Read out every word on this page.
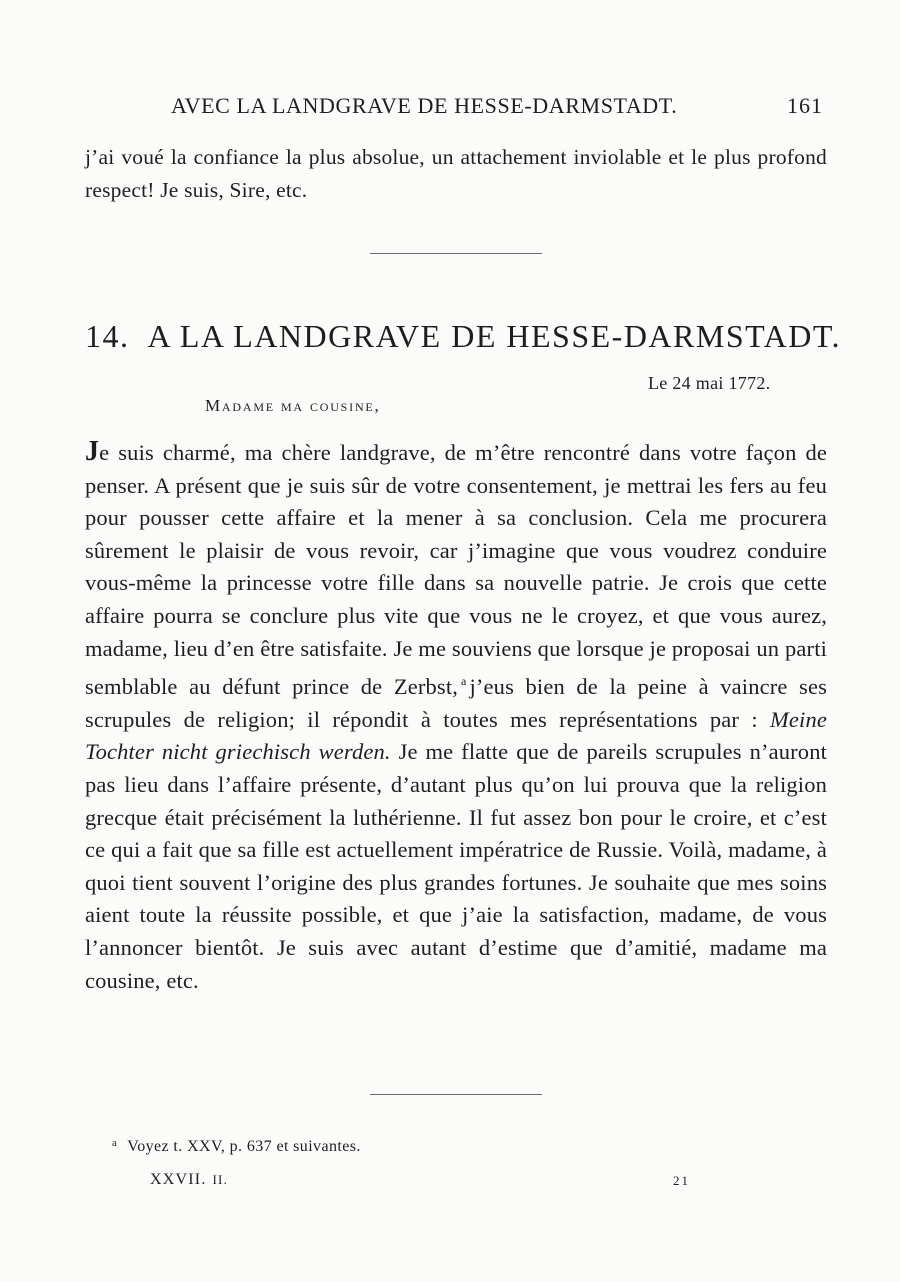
AVEC LA LANDGRAVE DE HESSE-DARMSTADT.	161

j’ai voué la confiance la plus absolue, un attachement inviolable et le plus profond respect! Je suis, Sire, etc.

14. A LA LANDGRAVE DE HESSE-DARMSTADT.
Le 24 mai 1772.
Madame ma cousine,

Je suis charmé, ma chère landgrave, de m’être rencontré dans votre façon de penser. A présent que je suis sûr de votre consentement, je mettrai les fers au feu pour pousser cette affaire et la mener à sa conclusion. Cela me procurera sûrement le plaisir de vous revoir, car j’imagine que vous voudrez conduire vous-même la princesse votre fille dans sa nouvelle patrie. Je crois que cette affaire pourra se conclure plus vite que vous ne le croyez, et que vous aurez, madame, lieu d’en être satisfaite. Je me souviens que lorsque je proposai un parti semblable au défunt prince de Zerbst, $^a$ j’eus bien de la peine à vaincre ses scrupules de religion; il répondit à toutes mes représentations par : Meine Tochter nicht griechisch werden. Je me flatte que de pareils scrupules n’auront pas lieu dans l’affaire présente, d’autant plus qu’on lui prouva que la religion grecque était précisément la luthérienne. Il fut assez bon pour le croire, et c’est ce qui a fait que sa fille est actuellement impératrice de Russie. Voilà, madame, à quoi tient souvent l’origine des plus grandes fortunes. Je souhaite que mes soins aient toute la réussite possible, et que j’aie la satisfaction, madame, de vous l’annoncer bientôt. Je suis avec autant d’estime que d’amitié, madame ma cousine, etc.

$^a$ Voyez t. XXV, p. 637 et suivantes.
XXVII. II.	21
